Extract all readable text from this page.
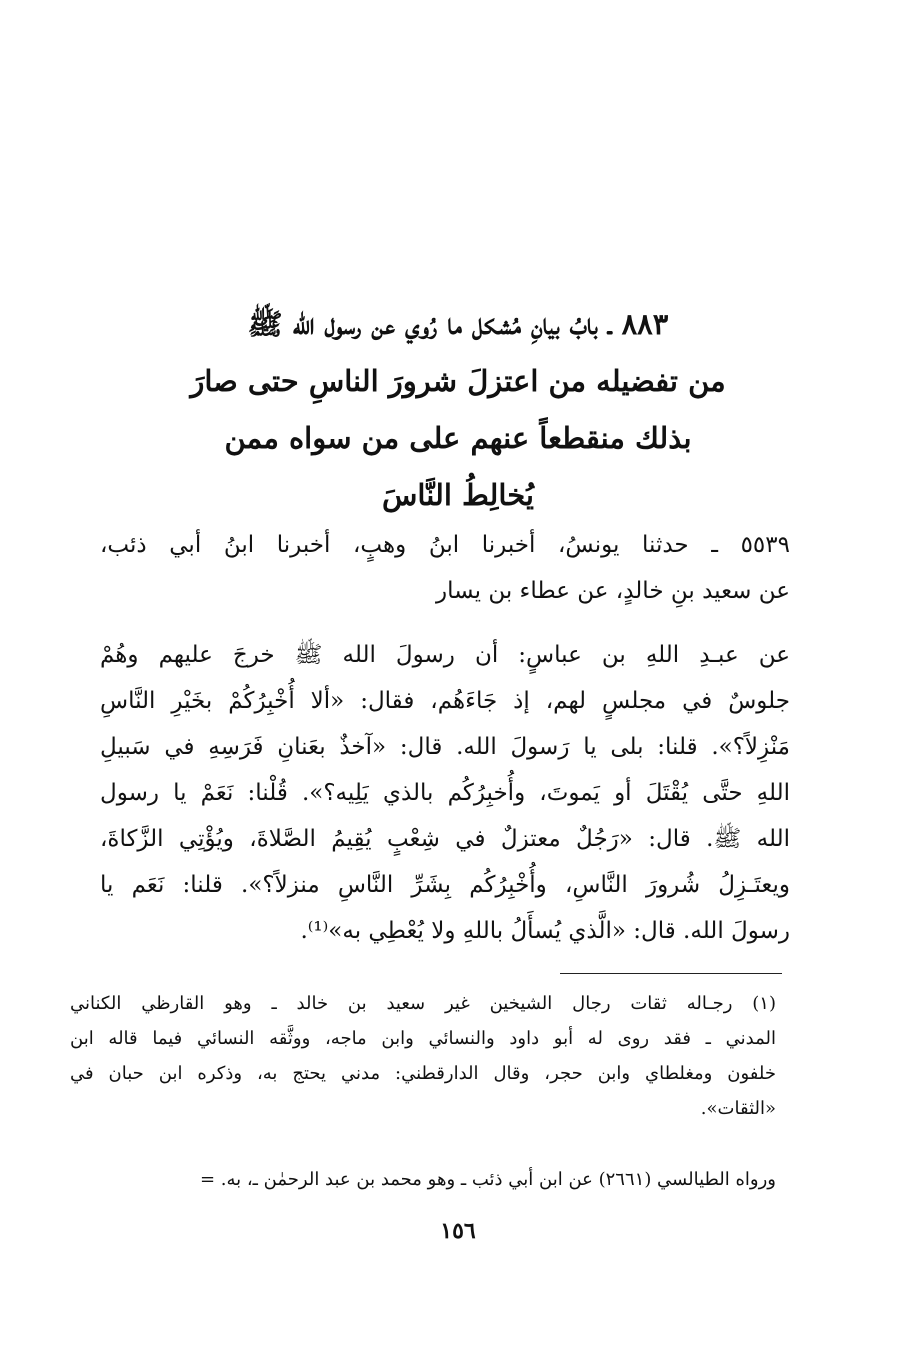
٨٨٣ ـ بابُ بيانِ مُشكل ما رُوي عن رسول الله ﷺ
من تفضيله من اعتزلَ شرورَ الناسِ حتى صارَ
بذلك منقطعاً عنهم على من سواه ممن
يُخالِطُ النَّاسَ
٥٥٣٩ ـ حدثنا يونسُ، أخبرنا ابنُ وهبٍ، أخبرنا ابنُ أبي ذئب،
عن سعيد بنِ خالدٍ، عن عطاء بن يسار
عن عبـدِ اللهِ بن عباسٍ: أن رسولَ الله ﷺ خرجَ عليهم وهُمْ
جلوسٌ في مجلسٍ لهم، إذ جَاءَهُم، فقال: «ألا أُخْبِرُكُمْ بخَيْرِ النَّاسِ
مَنْزِلاً؟». قلنا: بلى يا رَسولَ الله. قال: «آخذٌ بعَنانِ فَرَسِهِ في سَبيلِ
اللهِ حتَّى يُقْتَلَ أو يَموتَ، وأُخبِرُكُم بالذي يَلِيه؟». قُلْنا: نَعَمْ يا رسول
الله ﷺ. قال: «رَجُلٌ معتزلٌ في شِعْبٍ يُقِيمُ الصَّلاةَ، ويُؤْتِي الزَّكاةَ،
ويعتَـزِلُ شُرورَ النَّاسِ، وأُخْبِرُكُم بِشَرِّ النَّاسِ منزلاً؟». قلنا: نَعَم يا
رسولَ الله. قال: «الَّذي يُسأَلُ باللهِ ولا يُعْطِي به»⁽¹⁾.
(١) رجـاله ثقات رجال الشيخين غير سعيد بن خالد ـ وهو القارظي الكناني
المدني ـ فقد روى له أبو داود والنسائي وابن ماجه، ووثَّقه النسائي فيما قاله ابن
خلفون ومغلطاي وابن حجر، وقال الدارقطني: مدني يحتج به، وذكره ابن حبان في
«الثقات».
ورواه الطيالسي (٢٦٦١) عن ابن أبي ذئب ـ وهو محمد بن عبد الرحمٰن ـ، به. =
١٥٦
